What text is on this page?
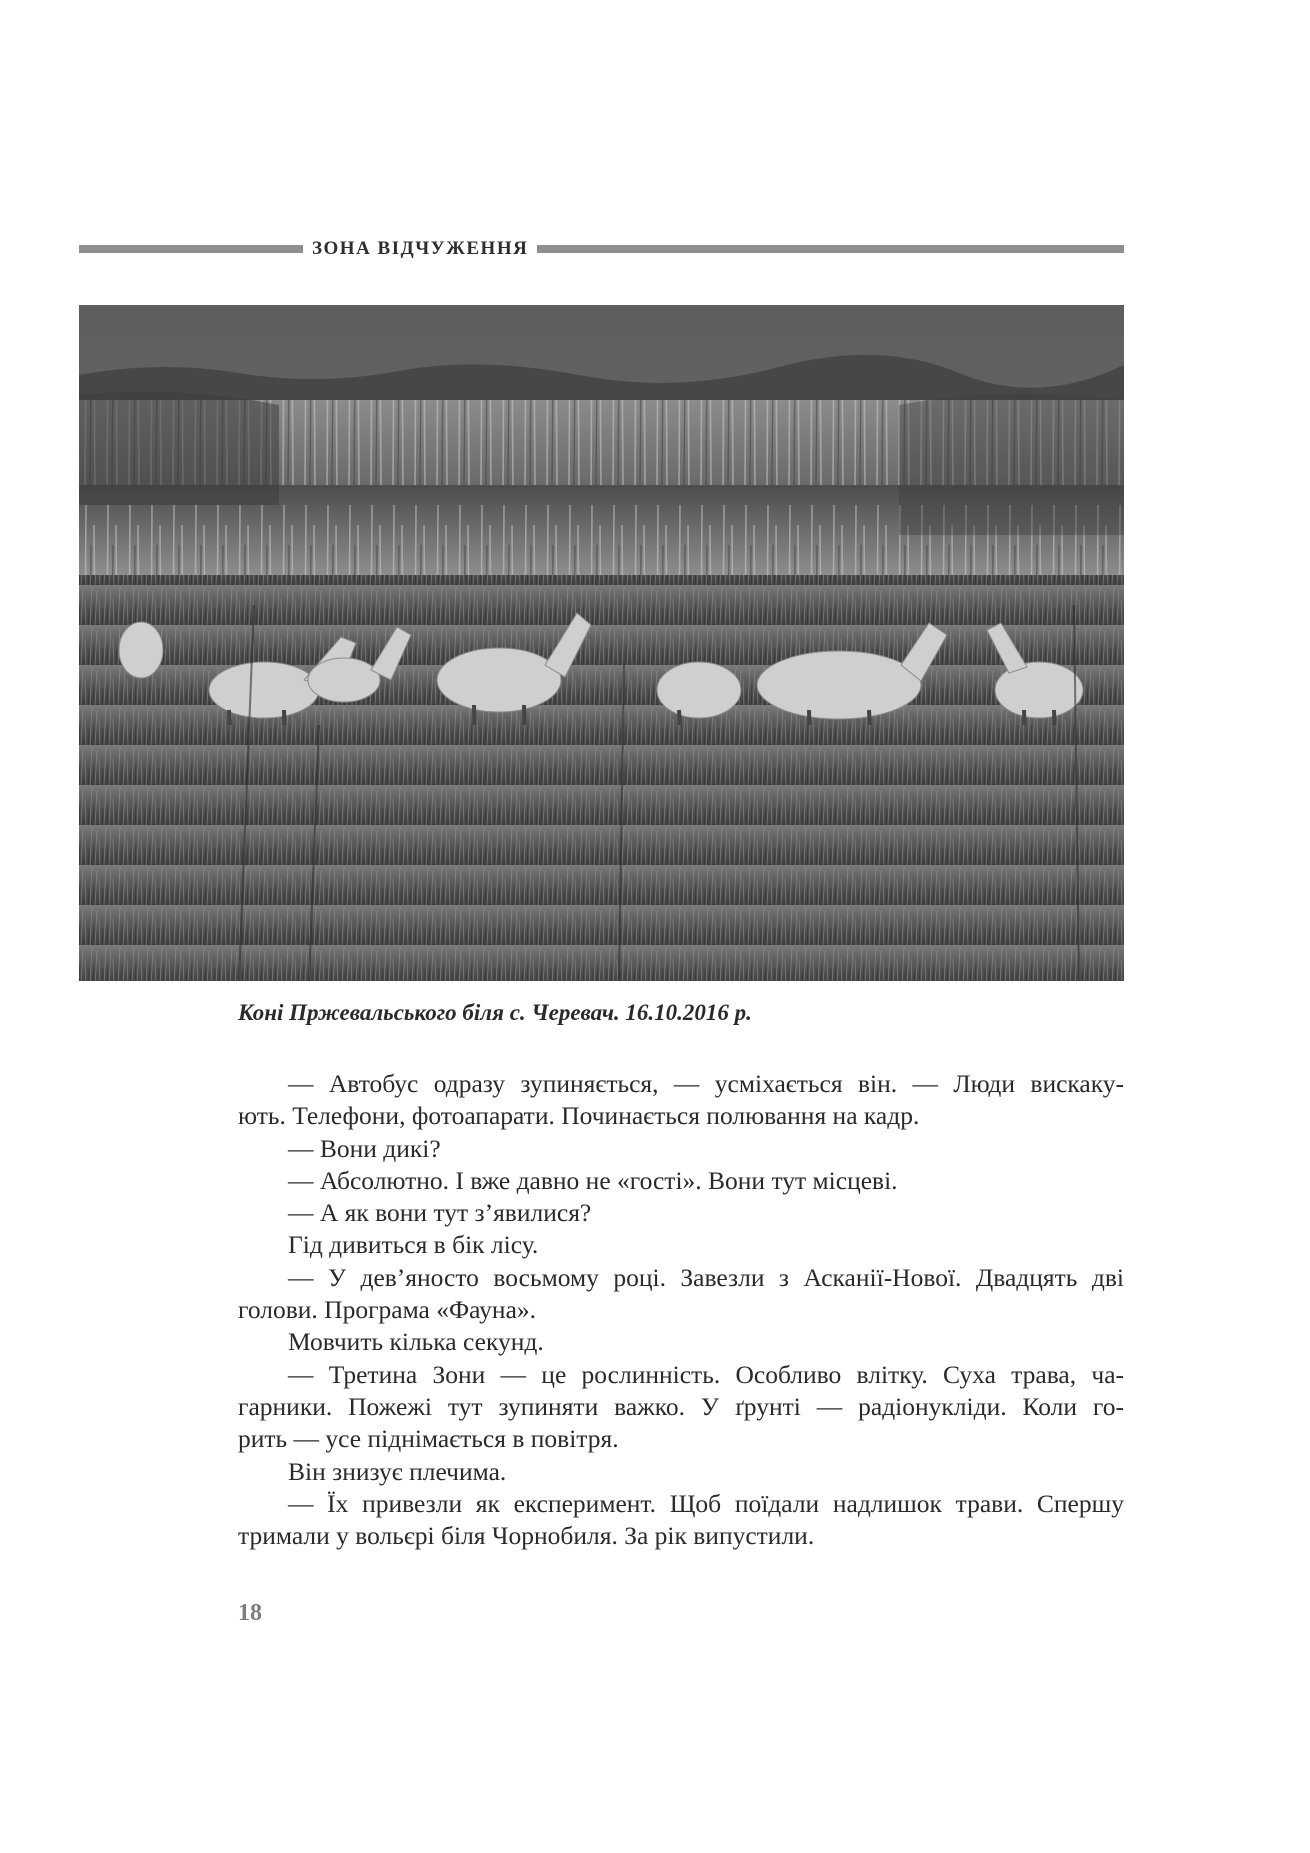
ЗОНА ВІДЧУЖЕННЯ

Коні Пржевальського біля с. Черевач. 16.10.2016 р.

— Автобус одразу зупиняється, — усміхається він. — Люди вискаку-

ють. Телефони, фотоапарати. Починається полювання на кадр.

— Вони дикі?

— Абсолютно. І вже давно не «гості». Вони тут місцеві.

— А як вони тут з’явилися?

Гід дивиться в бік лісу.

— У дев’яносто восьмому році. Завезли з Асканії-Нової. Двадцять дві

голови. Програма «Фауна».

Мовчить кілька секунд.

— Третина Зони — це рослинність. Особливо влітку. Суха трава, ча-

гарники. Пожежі тут зупиняти важко. У ґрунті — радіонукліди. Коли го-

рить — усе піднімається в повітря.

Він знизує плечима.

— Їх привезли як експеримент. Щоб поїдали надлишок трави. Спершу

тримали у вольєрі біля Чорнобиля. За рік випустили.

18
